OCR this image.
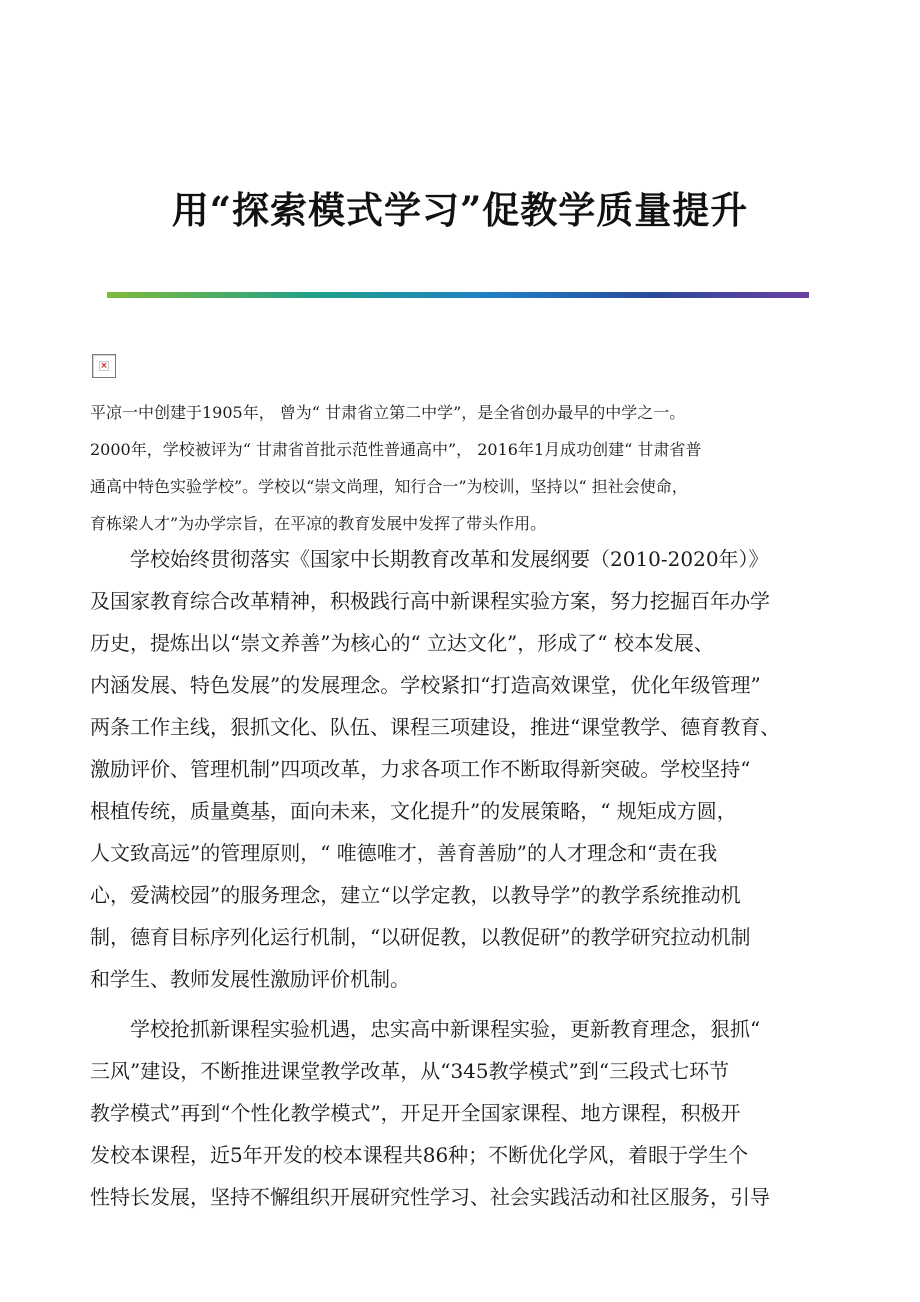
用“探索模式学习”促教学质量提升
×

平凉一中创建于1905年， 曾为“ 甘肃省立第二中学”，是全省创办最早的中学之一。
2000年，学校被评为“ 甘肃省首批示范性普通高中”， 2016年1月成功创建“ 甘肃省普
通高中特色实验学校”。学校以“崇文尚理，知行合一”为校训，坚持以“ 担社会使命，
育栋梁人才”为办学宗旨，在平凉的教育发展中发挥了带头作用。

学校始终贯彻落实《国家中长期教育改革和发展纲要（2010-2020年）》
及国家教育综合改革精神，积极践行高中新课程实验方案，努力挖掘百年办学
历史，提炼出以“崇文养善”为核心的“ 立达文化”，形成了“ 校本发展、
内涵发展、特色发展”的发展理念。学校紧扣“打造高效课堂，优化年级管理”
两条工作主线，狠抓文化、队伍、课程三项建设，推进“课堂教学、德育教育、
激励评价、管理机制”四项改革，力求各项工作不断取得新突破。学校坚持“
根植传统，质量奠基，面向未来，文化提升”的发展策略，“ 规矩成方圆，
人文致高远”的管理原则，“ 唯德唯才，善育善励”的人才理念和“责在我
心，爱满校园”的服务理念，建立“以学定教，以教导学”的教学系统推动机
制，德育目标序列化运行机制，“以研促教，以教促研”的教学研究拉动机制
和学生、教师发展性激励评价机制。

学校抢抓新课程实验机遇，忠实高中新课程实验，更新教育理念，狠抓“
三风”建设，不断推进课堂教学改革，从“345教学模式”到“三段式七环节
教学模式”再到“个性化教学模式”，开足开全国家课程、地方课程，积极开
发校本课程，近5年开发的校本课程共86种；不断优化学风，着眼于学生个
性特长发展，坚持不懈组织开展研究性学习、社会实践活动和社区服务，引导
